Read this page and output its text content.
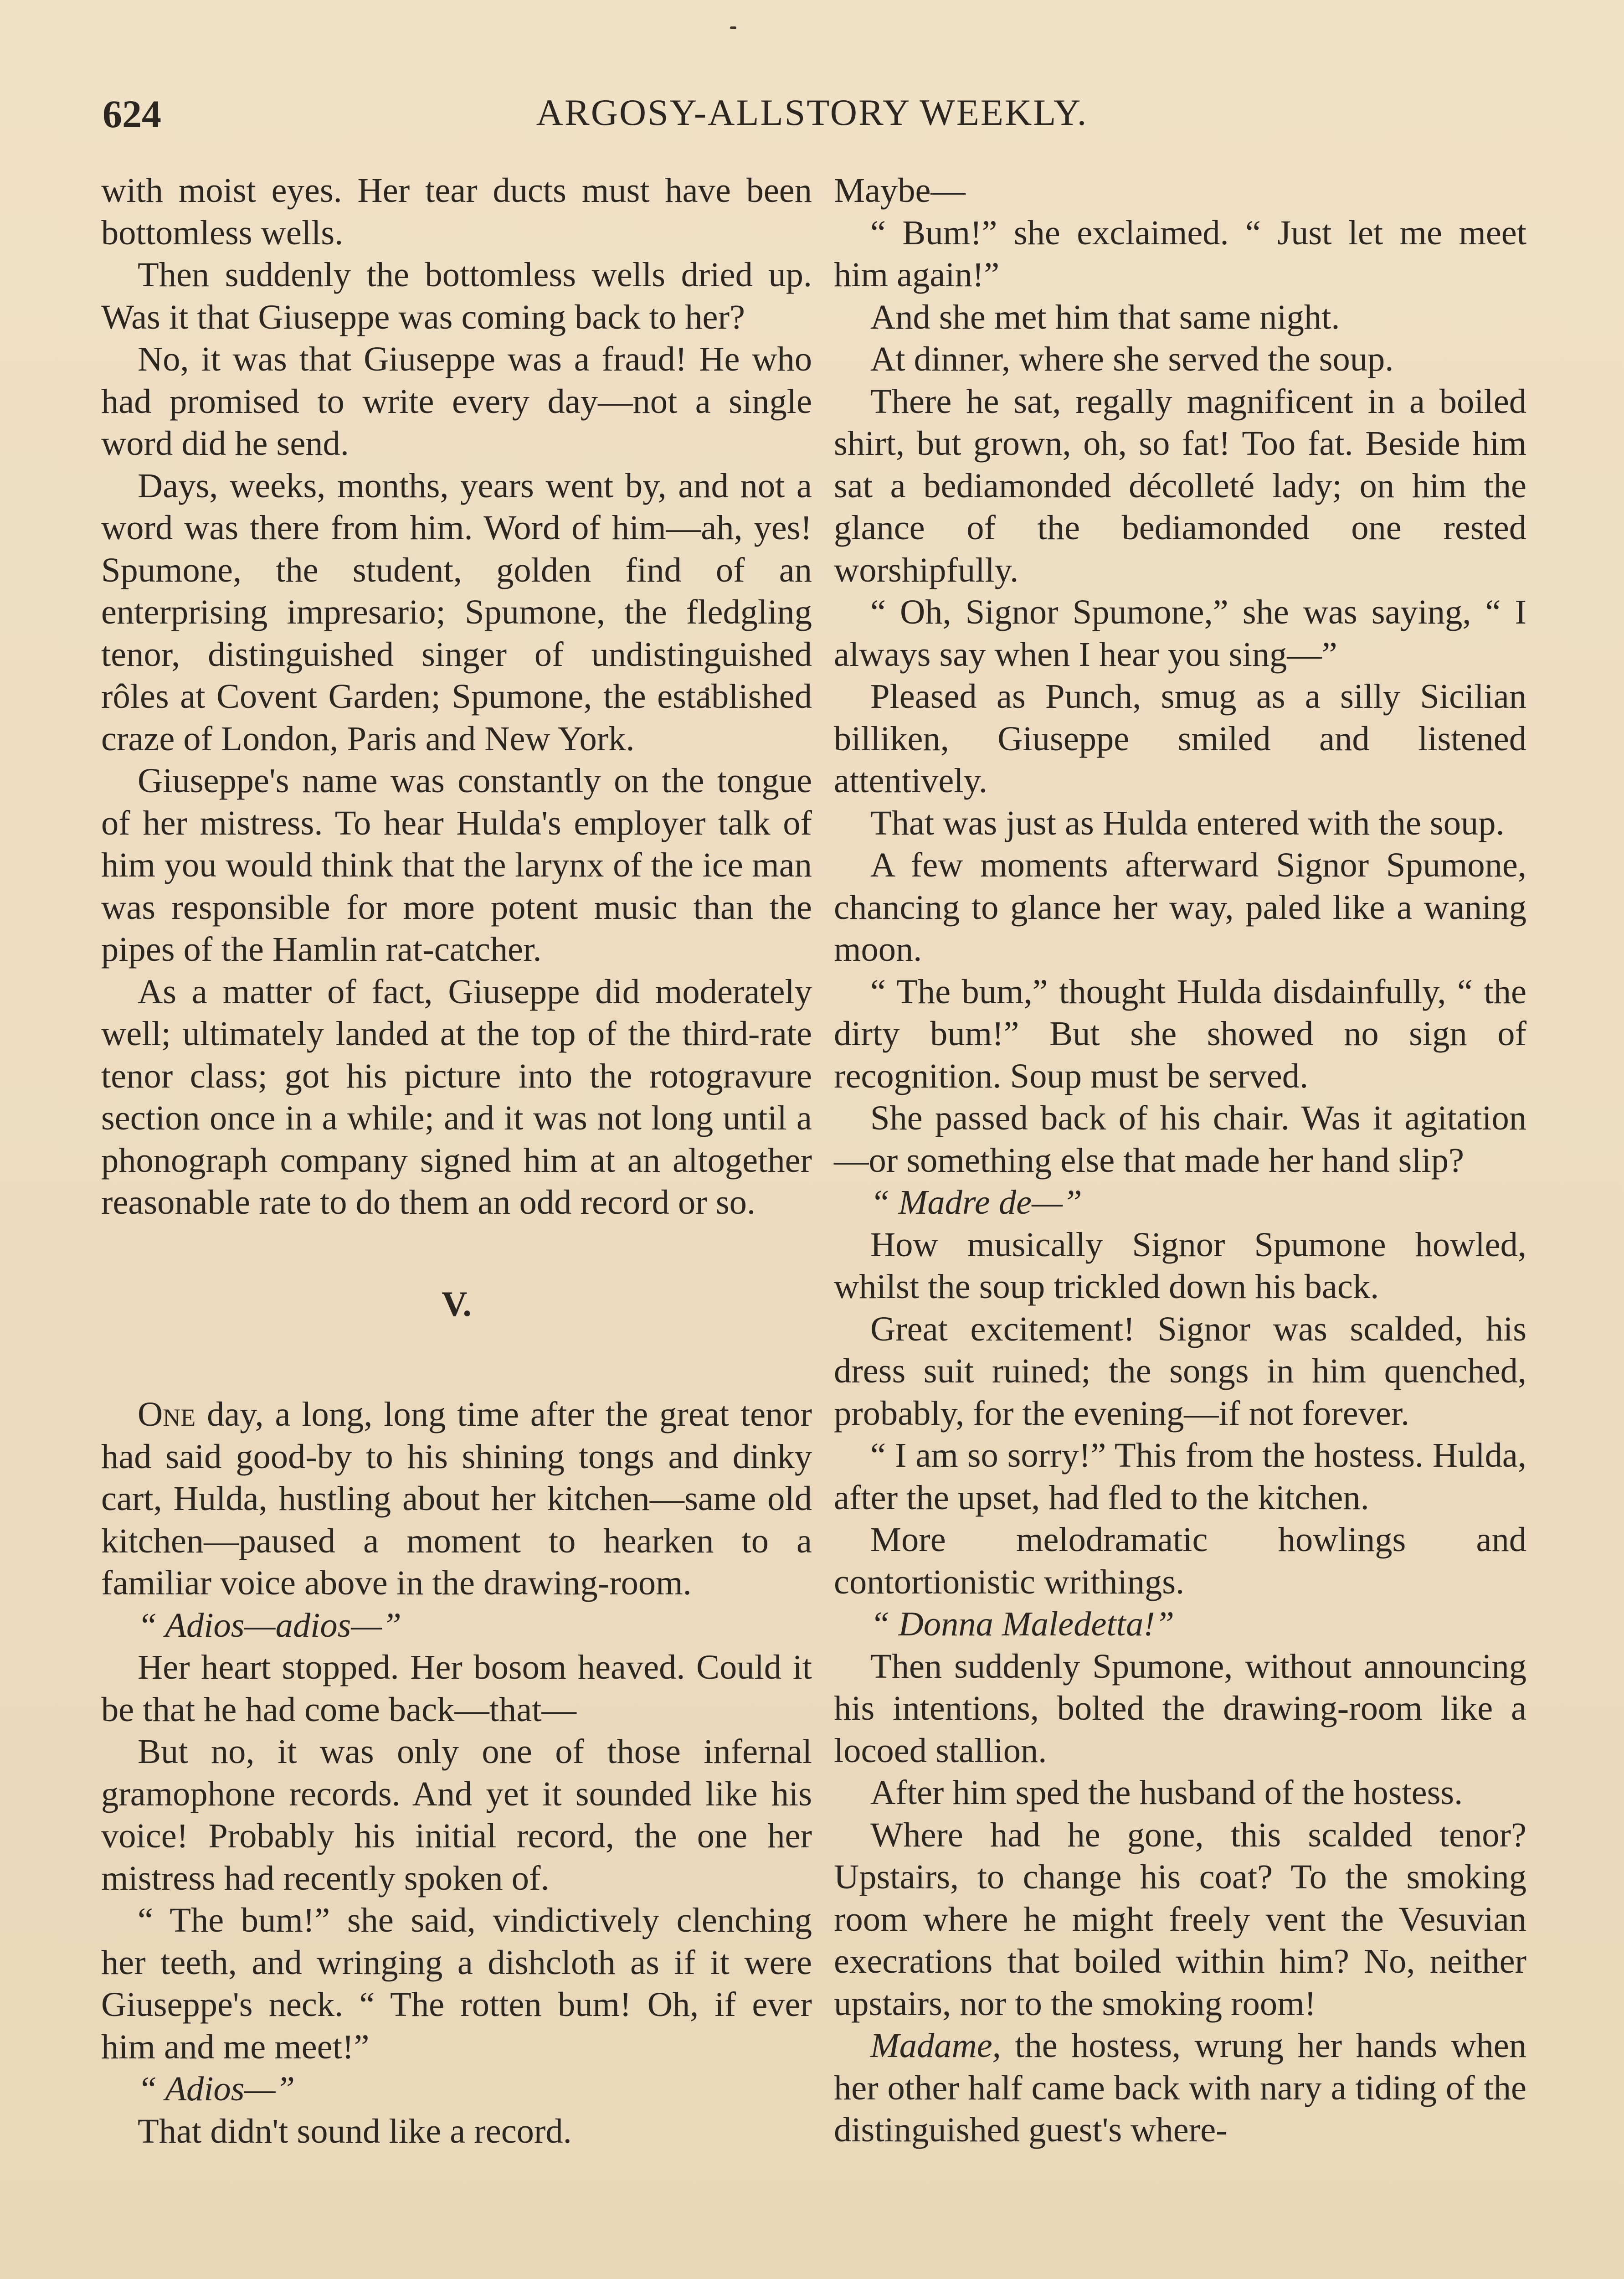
624	ARGOSY-ALLSTORY WEEKLY.

with moist eyes. Her tear ducts must have been bottomless wells.

Then suddenly the bottomless wells dried up. Was it that Giuseppe was coming back to her?

No, it was that Giuseppe was a fraud! He who had promised to write every day—not a single word did he send.

Days, weeks, months, years went by, and not a word was there from him. Word of him—ah, yes! Spumone, the student, golden find of an enterprising impresario; Spumone, the fledgling tenor, distinguished singer of undistinguished rôles at Covent Garden; Spumone, the established craze of London, Paris and New York.

Giuseppe's name was constantly on the tongue of her mistress. To hear Hulda's employer talk of him you would think that the larynx of the ice man was responsible for more potent music than the pipes of the Hamlin rat-catcher.

As a matter of fact, Giuseppe did moderately well; ultimately landed at the top of the third-rate tenor class; got his picture into the rotogravure section once in a while; and it was not long until a phonograph company signed him at an altogether reasonable rate to do them an odd record or so.

V.

One day, a long, long time after the great tenor had said good-by to his shining tongs and dinky cart, Hulda, hustling about her kitchen—same old kitchen—paused a moment to hearken to a familiar voice above in the drawing-room.

“ Adios—adios—”

Her heart stopped. Her bosom heaved. Could it be that he had come back—that—

But no, it was only one of those infernal gramophone records. And yet it sounded like his voice! Probably his initial record, the one her mistress had recently spoken of.

“ The bum!” she said, vindictively clenching her teeth, and wringing a dishcloth as if it were Giuseppe's neck. “ The rotten bum! Oh, if ever him and me meet!”

“ Adios—”

That didn't sound like a record.

Maybe—

“ Bum!” she exclaimed. “ Just let me meet him again!”

And she met him that same night.

At dinner, where she served the soup.

There he sat, regally magnificent in a boiled shirt, but grown, oh, so fat! Too fat. Beside him sat a bediamonded décolleté lady; on him the glance of the bediamonded one rested worshipfully.

“ Oh, Signor Spumone,” she was saying, “ I always say when I hear you sing—”

Pleased as Punch, smug as a silly Sicilian billiken, Giuseppe smiled and listened attentively.

That was just as Hulda entered with the soup.

A few moments afterward Signor Spumone, chancing to glance her way, paled like a waning moon.

“ The bum,” thought Hulda disdainfully, “ the dirty bum!” But she showed no sign of recognition. Soup must be served.

She passed back of his chair. Was it agitation—or something else that made her hand slip?

“ Madre de—”

How musically Signor Spumone howled, whilst the soup trickled down his back.

Great excitement! Signor was scalded, his dress suit ruined; the songs in him quenched, probably, for the evening—if not forever.

“ I am so sorry!” This from the hostess. Hulda, after the upset, had fled to the kitchen.

More melodramatic howlings and contortionistic writhings.

“ Donna Maledetta!”

Then suddenly Spumone, without announcing his intentions, bolted the drawing-room like a locoed stallion.

After him sped the husband of the hostess.

Where had he gone, this scalded tenor? Upstairs, to change his coat? To the smoking room where he might freely vent the Vesuvian execrations that boiled within him? No, neither upstairs, nor to the smoking room!

Madame, the hostess, wrung her hands when her other half came back with nary a tiding of the distinguished guest's where-
